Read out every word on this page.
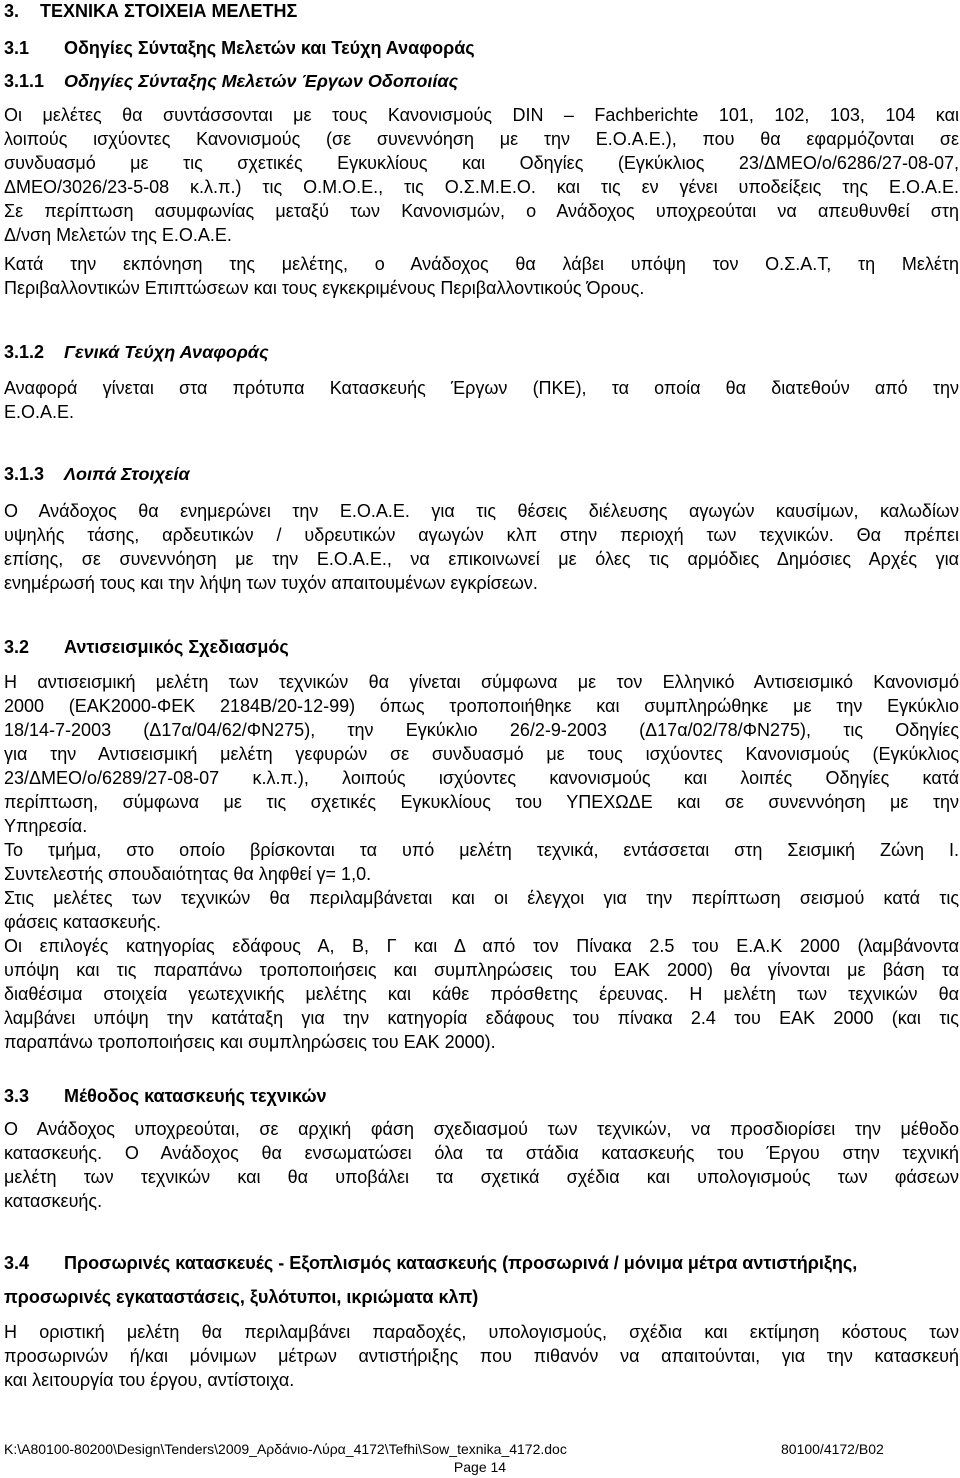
3. ΤΕΧΝΙΚΑ ΣΤΟΙΧΕΙΑ ΜΕΛΕΤΗΣ
3.1 Οδηγίες Σύνταξης Μελετών και Τεύχη Αναφοράς
3.1.1 Οδηγίες Σύνταξης Μελετών Έργων Οδοποιίας
Οι μελέτες θα συντάσσονται με τους Κανονισμούς DIN – Fachberichte 101, 102, 103, 104 και
λοιπούς ισχύοντες Κανονισμούς (σε συνεννόηση με την Ε.Ο.Α.Ε.), που θα εφαρμόζονται σε
συνδυασμό με τις σχετικές Εγκυκλίους και Οδηγίες (Εγκύκλιος 23/ΔΜΕΟ/ο/6286/27-08-07,
ΔΜΕΟ/3026/23-5-08 κ.λ.π.) τις Ο.Μ.Ο.Ε., τις Ο.Σ.Μ.Ε.Ο. και τις εν γένει υποδείξεις της Ε.Ο.Α.Ε.
Σε περίπτωση ασυμφωνίας μεταξύ των Κανονισμών, ο Ανάδοχος υποχρεούται να απευθυνθεί στη
Δ/νση Μελετών της Ε.Ο.Α.Ε.
Κατά την εκπόνηση της μελέτης, ο Ανάδοχος θα λάβει υπόψη τον Ο.Σ.Α.Τ, τη Μελέτη
Περιβαλλοντικών Επιπτώσεων και τους εγκεκριμένους Περιβαλλοντικούς Όρους.
3.1.2 Γενικά Τεύχη Αναφοράς
Αναφορά γίνεται στα πρότυπα Κατασκευής Έργων (ΠΚΕ), τα οποία θα διατεθούν από την
Ε.Ο.Α.Ε.
3.1.3 Λοιπά Στοιχεία
Ο Ανάδοχος θα ενημερώνει την Ε.Ο.Α.Ε. για τις θέσεις διέλευσης αγωγών καυσίμων, καλωδίων
υψηλής τάσης, αρδευτικών / υδρευτικών αγωγών κλπ στην περιοχή των τεχνικών. Θα πρέπει
επίσης, σε συνεννόηση με την Ε.Ο.Α.Ε., να επικοινωνεί με όλες τις αρμόδιες Δημόσιες Αρχές για
ενημέρωσή τους και την λήψη των τυχόν απαιτουμένων εγκρίσεων.
3.2 Αντισεισμικός Σχεδιασμός
Η αντισεισμική μελέτη των τεχνικών θα γίνεται σύμφωνα με τον Ελληνικό Αντισεισμικό Κανονισμό
2000 (ΕΑΚ2000-ΦΕΚ 2184Β/20-12-99) όπως τροποποιήθηκε και συμπληρώθηκε με την Εγκύκλιο
18/14-7-2003 (Δ17α/04/62/ΦΝ275), την Εγκύκλιο 26/2-9-2003 (Δ17α/02/78/ΦΝ275), τις Οδηγίες
για την Αντισεισμική μελέτη γεφυρών σε συνδυασμό με τους ισχύοντες Κανονισμούς (Εγκύκλιος
23/ΔΜΕΟ/ο/6289/27-08-07 κ.λ.π.), λοιπούς ισχύοντες κανονισμούς και λοιπές Οδηγίες κατά
περίπτωση, σύμφωνα με τις σχετικές Εγκυκλίους του ΥΠΕΧΩΔΕ και σε συνεννόηση με την
Υπηρεσία.
Το τμήμα, στο οποίο βρίσκονται τα υπό μελέτη τεχνικά, εντάσσεται στη Σεισμική Ζώνη Ι.
Συντελεστής σπουδαιότητας θα ληφθεί γ= 1,0.
Στις μελέτες των τεχνικών θα περιλαμβάνεται και οι έλεγχοι για την περίπτωση σεισμού κατά τις
φάσεις κατασκευής.
Οι επιλογές κατηγορίας εδάφους Α, Β, Γ και Δ από τον Πίνακα 2.5 του Ε.Α.Κ 2000 (λαμβάνοντα
υπόψη και τις παραπάνω τροποποιήσεις και συμπληρώσεις του ΕΑΚ 2000) θα γίνονται με βάση τα
διαθέσιμα στοιχεία γεωτεχνικής μελέτης και κάθε πρόσθετης έρευνας. Η μελέτη των τεχνικών θα
λαμβάνει υπόψη την κατάταξη για την κατηγορία εδάφους του πίνακα 2.4 του ΕΑΚ 2000 (και τις
παραπάνω τροποποιήσεις και συμπληρώσεις του ΕΑΚ 2000).
3.3 Μέθοδος κατασκευής τεχνικών
Ο Ανάδοχος υποχρεούται, σε αρχική φάση σχεδιασμού των τεχνικών, να προσδιορίσει την μέθοδο
κατασκευής. Ο Ανάδοχος θα ενσωματώσει όλα τα στάδια κατασκευής του Έργου στην τεχνική
μελέτη των τεχνικών και θα υποβάλει τα σχετικά σχέδια και υπολογισμούς των φάσεων
κατασκευής.
3.4 Προσωρινές κατασκευές - Εξοπλισμός κατασκευής (προσωρινά / μόνιμα μέτρα αντιστήριξης,
προσωρινές εγκαταστάσεις, ξυλότυποι, ικριώματα κλπ)
Η οριστική μελέτη θα περιλαμβάνει παραδοχές, υπολογισμούς, σχέδια και εκτίμηση κόστους των
προσωρινών ή/και μόνιμων μέτρων αντιστήριξης που πιθανόν να απαιτούνται, για την κατασκευή
και λειτουργία του έργου, αντίστοιχα.
K:\A80100-80200\Design\Tenders\2009_Αρδάνιο-Λύρα_4172\Tefhi\Sow_texnika_4172.doc	80100/4172/B02
Page 14
